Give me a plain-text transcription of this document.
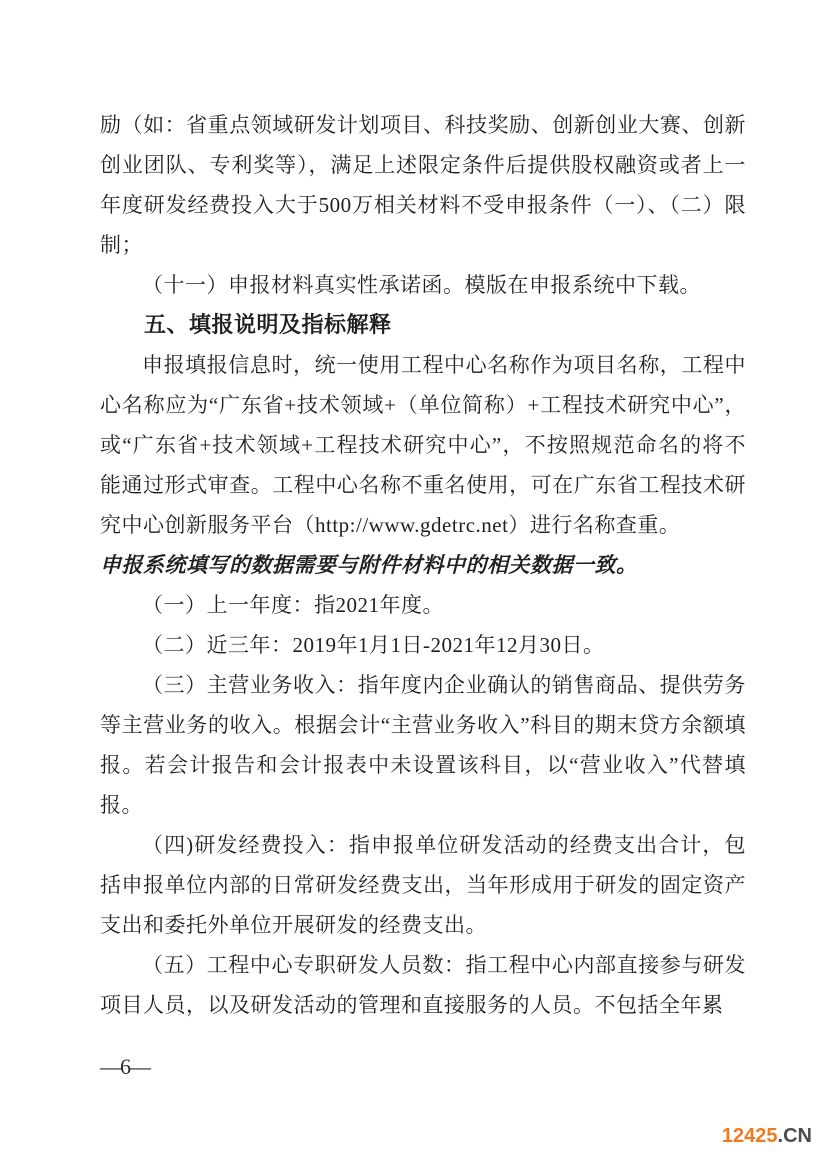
励（如：省重点领域研发计划项目、科技奖励、创新创业大赛、创新创业团队、专利奖等），满足上述限定条件后提供股权融资或者上一年度研发经费投入大于500万相关材料不受申报条件（一）、（二）限制；

（十一）申报材料真实性承诺函。模版在申报系统中下载。

五、填报说明及指标解释

申报填报信息时，统一使用工程中心名称作为项目名称，工程中心名称应为“广东省+技术领域+（单位简称）+工程技术研究中心”，或“广东省+技术领域+工程技术研究中心”，不按照规范命名的将不能通过形式审查。工程中心名称不重名使用，可在广东省工程技术研究中心创新服务平台（http://www.gdetrc.net）进行名称查重。

申报系统填写的数据需要与附件材料中的相关数据一致。

（一）上一年度：指2021年度。

（二）近三年：2019年1月1日-2021年12月30日。

（三）主营业务收入：指年度内企业确认的销售商品、提供劳务等主营业务的收入。根据会计“主营业务收入”科目的期末贷方余额填报。若会计报告和会计报表中未设置该科目，以“营业收入”代替填报。

（四)研发经费投入：指申报单位研发活动的经费支出合计，包括申报单位内部的日常研发经费支出，当年形成用于研发的固定资产支出和委托外单位开展研发的经费支出。

（五）工程中心专职研发人员数：指工程中心内部直接参与研发项目人员，以及研发活动的管理和直接服务的人员。不包括全年累

—6—
12425.CN
